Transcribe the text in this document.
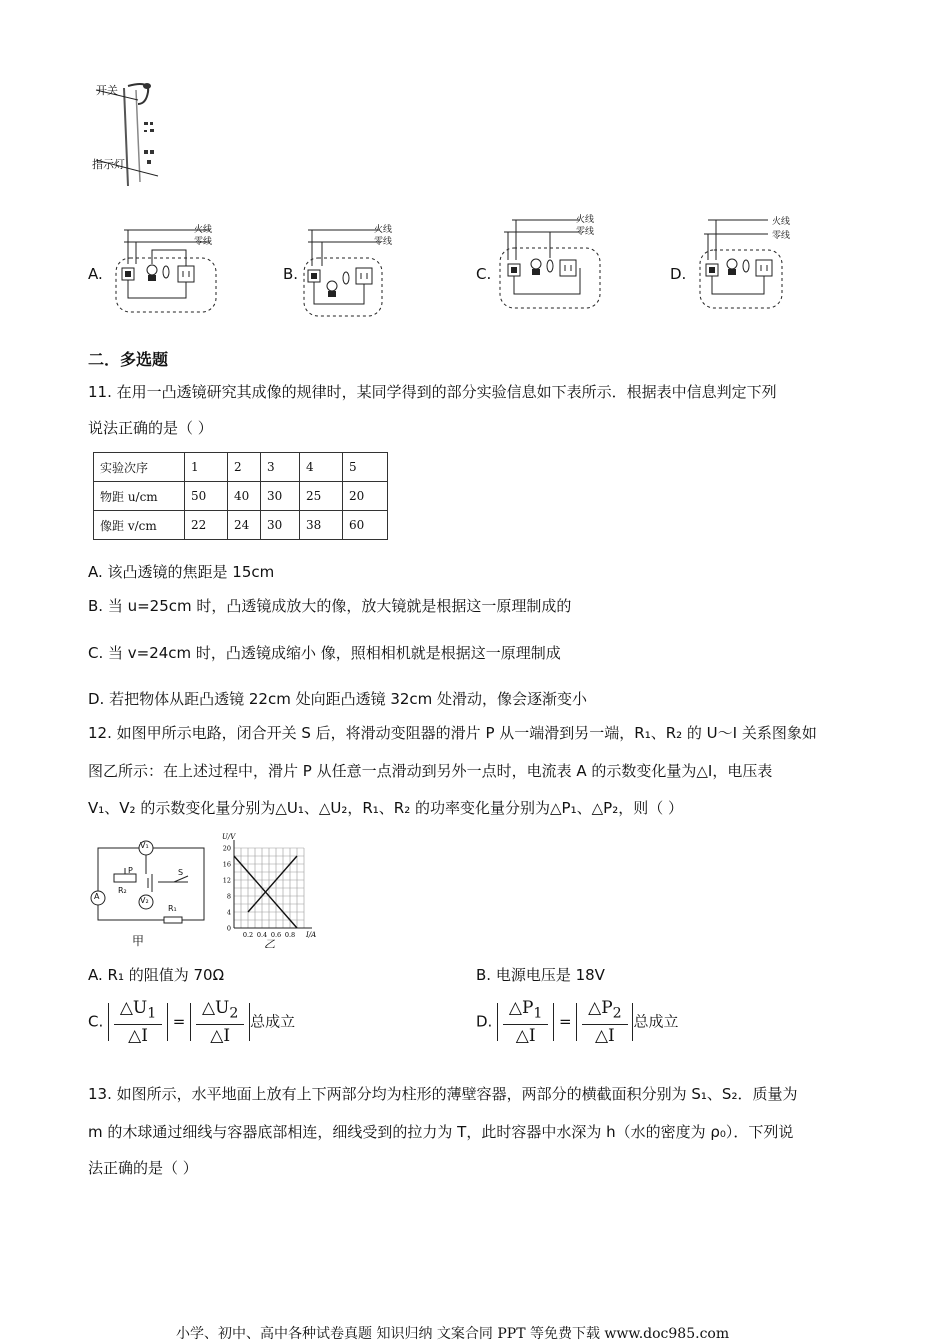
开关
指示灯
A.	B.	C.	D.
火线
零线
火线
零线
火线
零线
火线
零线
二．多选题
11. 在用一凸透镜研究其成像的规律时，某同学得到的部分实验信息如下表所示．根据表中信息判定下列
说法正确的是（ ）
实验次序	1	2	3	4	5
物距 u/cm	50	40	30	25	20
像距 v/cm	22	24	30	38	60
A. 该凸透镜的焦距是 15cm
B. 当 u=25cm 时，凸透镜成放大的像，放大镜就是根据这一原理制成的
C. 当 v=24cm 时，凸透镜成缩小 像，照相相机就是根据这一原理制成
D. 若把物体从距凸透镜 22cm 处向距凸透镜 32cm 处滑动，像会逐渐变小
12. 如图甲所示电路，闭合开关 S 后，将滑动变阻器的滑片 P 从一端滑到另一端，R₁、R₂ 的 U～I 关系图象如
图乙所示：在上述过程中，滑片 P 从任意一点滑动到另外一点时，电流表 A 的示数变化量为△I，电压表
V₁、V₂ 的示数变化量分别为△U₁、△U₂，R₁、R₂ 的功率变化量分别为△P₁、△P₂，则（ ）
V₁
P	S
R₂
A	V₂
R₁
甲
0
4
8
12
16
20
0.2 0.4 0.6 0.8
U/V
I/A
乙
A. R₁ 的阻值为 70Ω	B. 电源电压是 18V
C. $\frac{\triangle U_1}{\triangle I} = \frac{\triangle U_2}{\triangle I}$ 总成立	D. $\frac{\triangle P_1}{\triangle I} = \frac{\triangle P_2}{\triangle I}$ 总成立
13. 如图所示，水平地面上放有上下两部分均为柱形的薄壁容器，两部分的横截面积分别为 S₁、S₂．质量为
m 的木球通过细线与容器底部相连，细线受到的拉力为 T，此时容器中水深为 h（水的密度为 ρ₀）．下列说
法正确的是（ ）
小学、初中、高中各种试卷真题 知识归纳 文案合同 PPT 等免费下载 www.doc985.com
